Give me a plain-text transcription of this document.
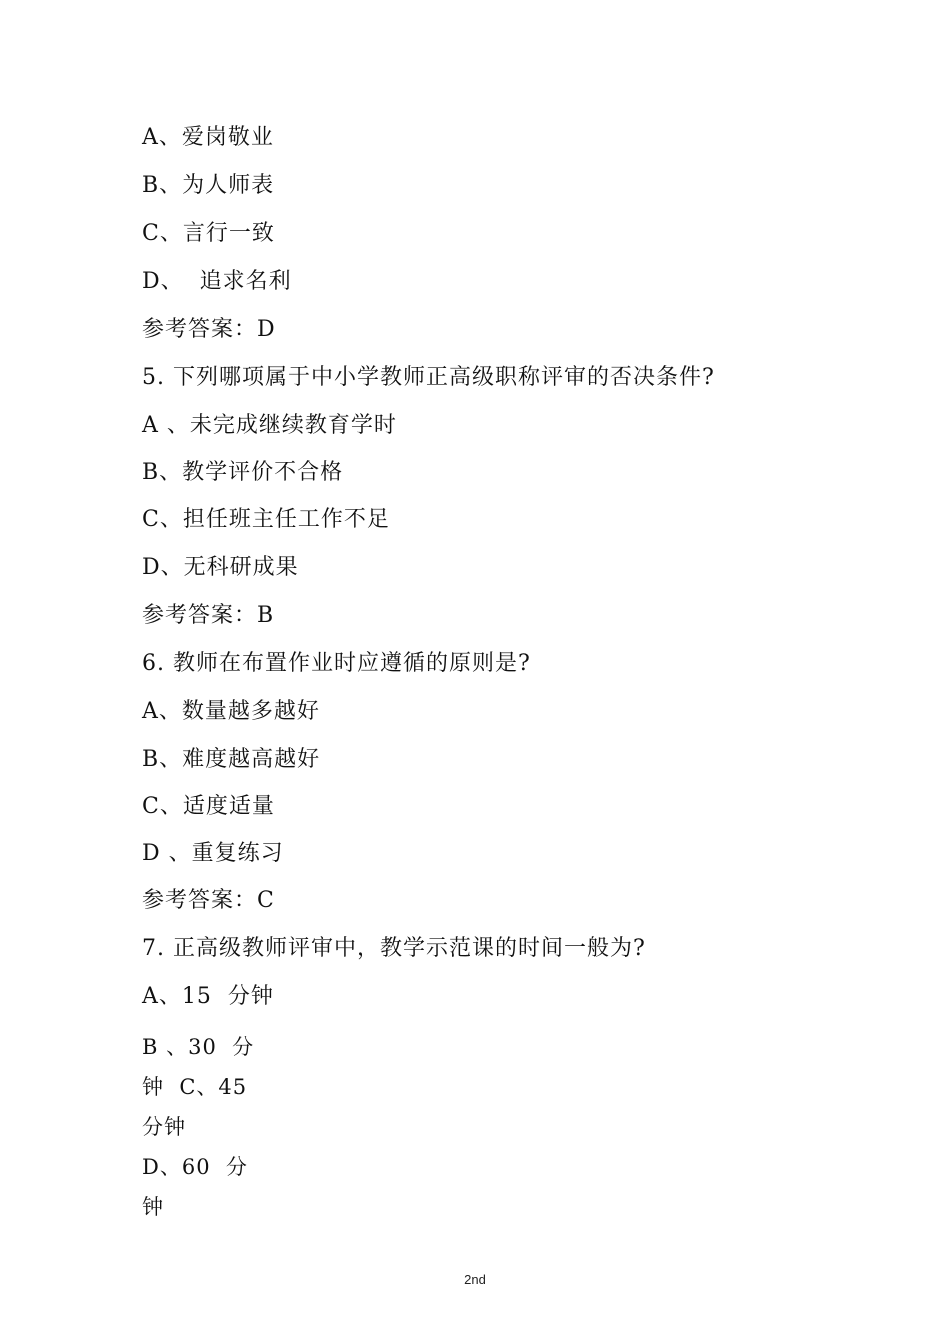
A、爱岗敬业
B、为人师表
C、言行一致
D、  追求名利
参考答案：D
5. 下列哪项属于中小学教师正高级职称评审的否决条件?
A 、未完成继续教育学时
B、教学评价不合格
C、担任班主任工作不足
D、无科研成果
参考答案：B
6. 教师在布置作业时应遵循的原则是?
A、数量越多越好
B、难度越高越好
C、适度适量
D 、重复练习
参考答案：C
7. 正高级教师评审中，教学示范课的时间一般为?
A、15  分钟
B 、30  分
钟  C、45
分钟
D、60  分
钟
2nd
